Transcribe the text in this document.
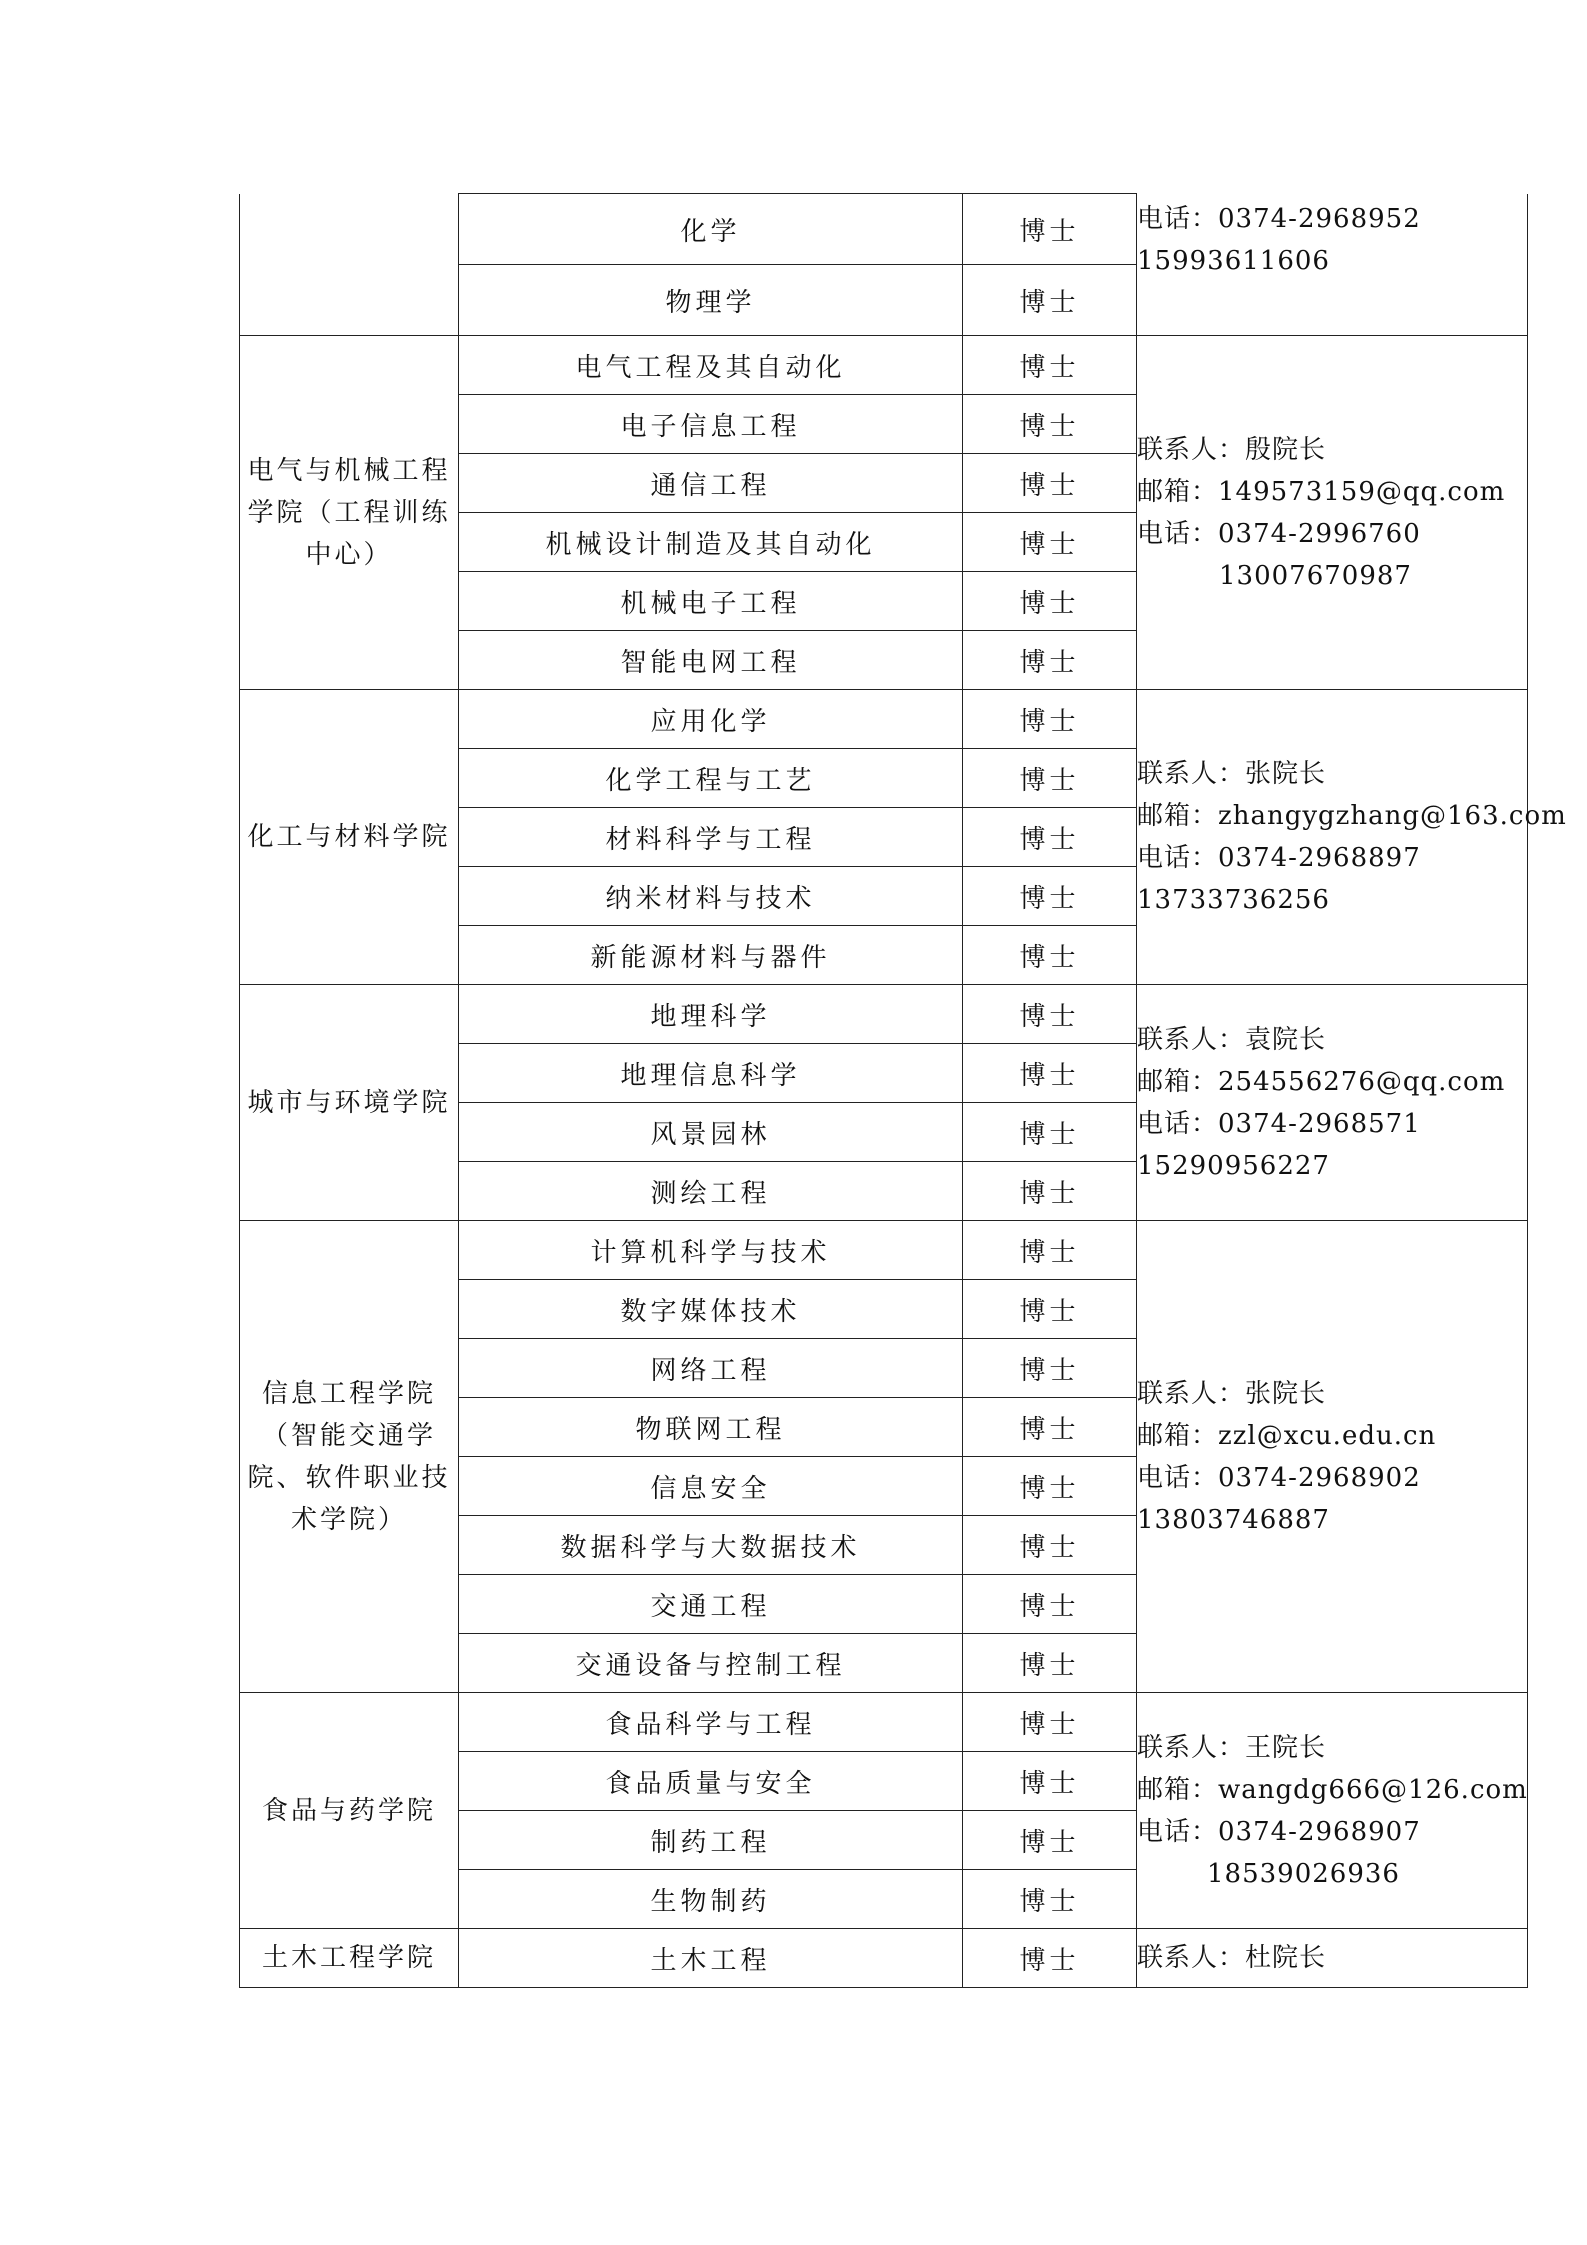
	化学	博士	电话：0374-2968952
15993611606

	物理学	博士	
电气与机械工程学院（工程训练中心）	电气工程及其自动化	博士	联系人：殷院长
邮箱：149573159@qq.com
电话：0374-2996760
13007670987

	电子信息工程	博士	
	通信工程	博士	
	机械设计制造及其自动化	博士	
	机械电子工程	博士	
	智能电网工程	博士	
化工与材料学院	应用化学	博士	联系人：张院长
邮箱：zhangygzhang@163.com
电话：0374-2968897
13733736256

	化学工程与工艺	博士	
	材料科学与工程	博士	
	纳米材料与技术	博士	
	新能源材料与器件	博士	
城市与环境学院	地理科学	博士	联系人：袁院长
邮箱：254556276@qq.com
电话：0374-2968571
15290956227

	地理信息科学	博士	
	风景园林	博士	
	测绘工程	博士	
信息工程学院（智能交通学院、软件职业技术学院）	计算机科学与技术	博士	联系人：张院长
邮箱：zzl@xcu.edu.cn
电话：0374-2968902
13803746887

	数字媒体技术	博士	
	网络工程	博士	
	物联网工程	博士	
	信息安全	博士	
	数据科学与大数据技术	博士	
	交通工程	博士	
	交通设备与控制工程	博士	
食品与药学院	食品科学与工程	博士	联系人：王院长
邮箱：wangdg666@126.com
电话：0374-2968907
18539026936

	食品质量与安全	博士	
	制药工程	博士	
	生物制药	博士	
土木工程学院	土木工程	博士	联系人：杜院长
